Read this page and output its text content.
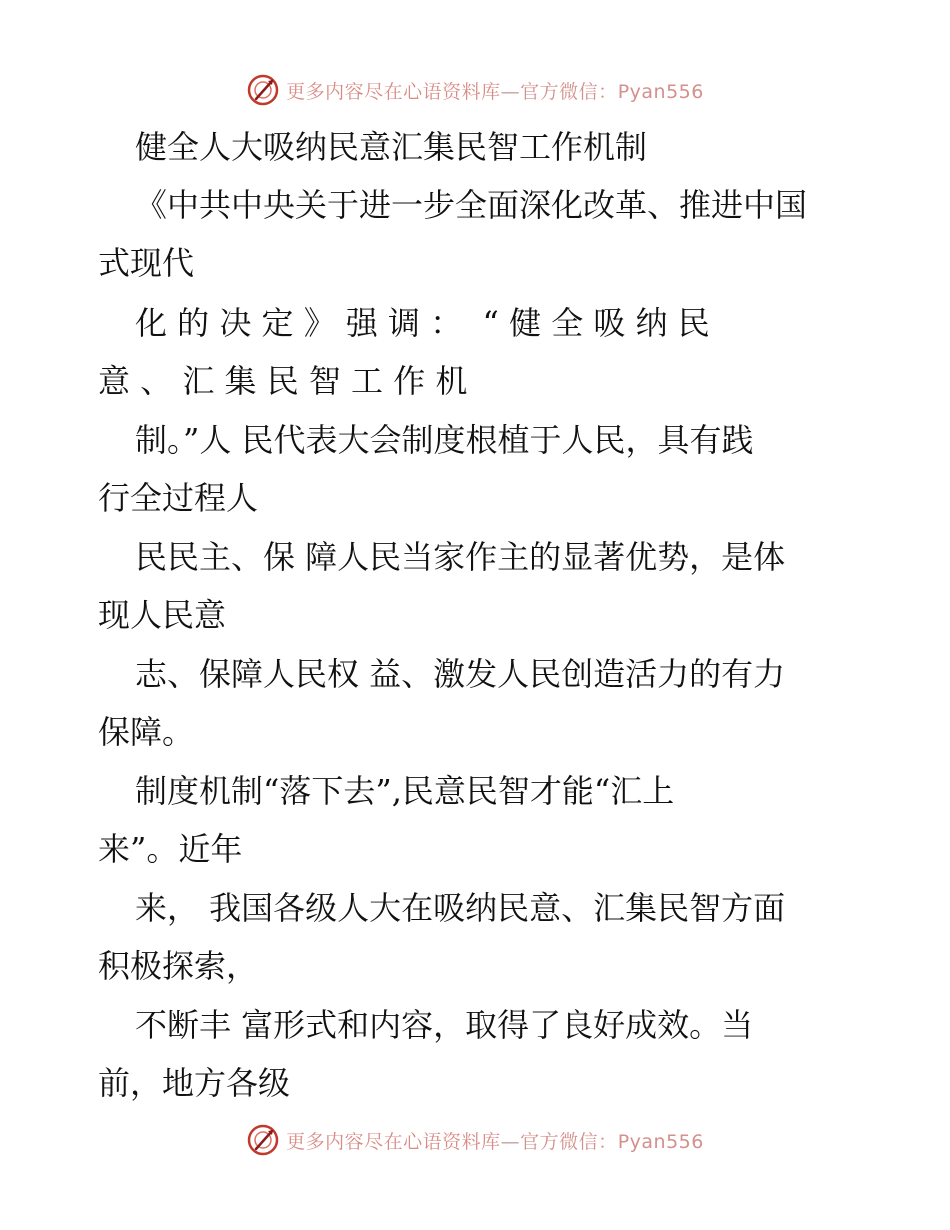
更多内容尽在心语资料库—官方微信：Pyan556
健全人大吸纳民意汇集民智工作机制
《中共中央关于进一步全面深化改革、推进中国
式现代
化 的 决 定 》 强 调 ：  “ 健 全 吸 纳 民
意 、 汇 集 民 智 工 作 机
制。”人 民代表大会制度根植于人民，具有践
行全过程人
民民主、保 障人民当家作主的显著优势，是体
现人民意
志、保障人民权 益、激发人民创造活力的有力
保障。
制度机制“落下去”,民意民智才能“汇上
来”。近年
来， 我国各级人大在吸纳民意、汇集民智方面
积极探索，
不断丰 富形式和内容，取得了良好成效。当
前，地方各级
更多内容尽在心语资料库—官方微信：Pyan556
